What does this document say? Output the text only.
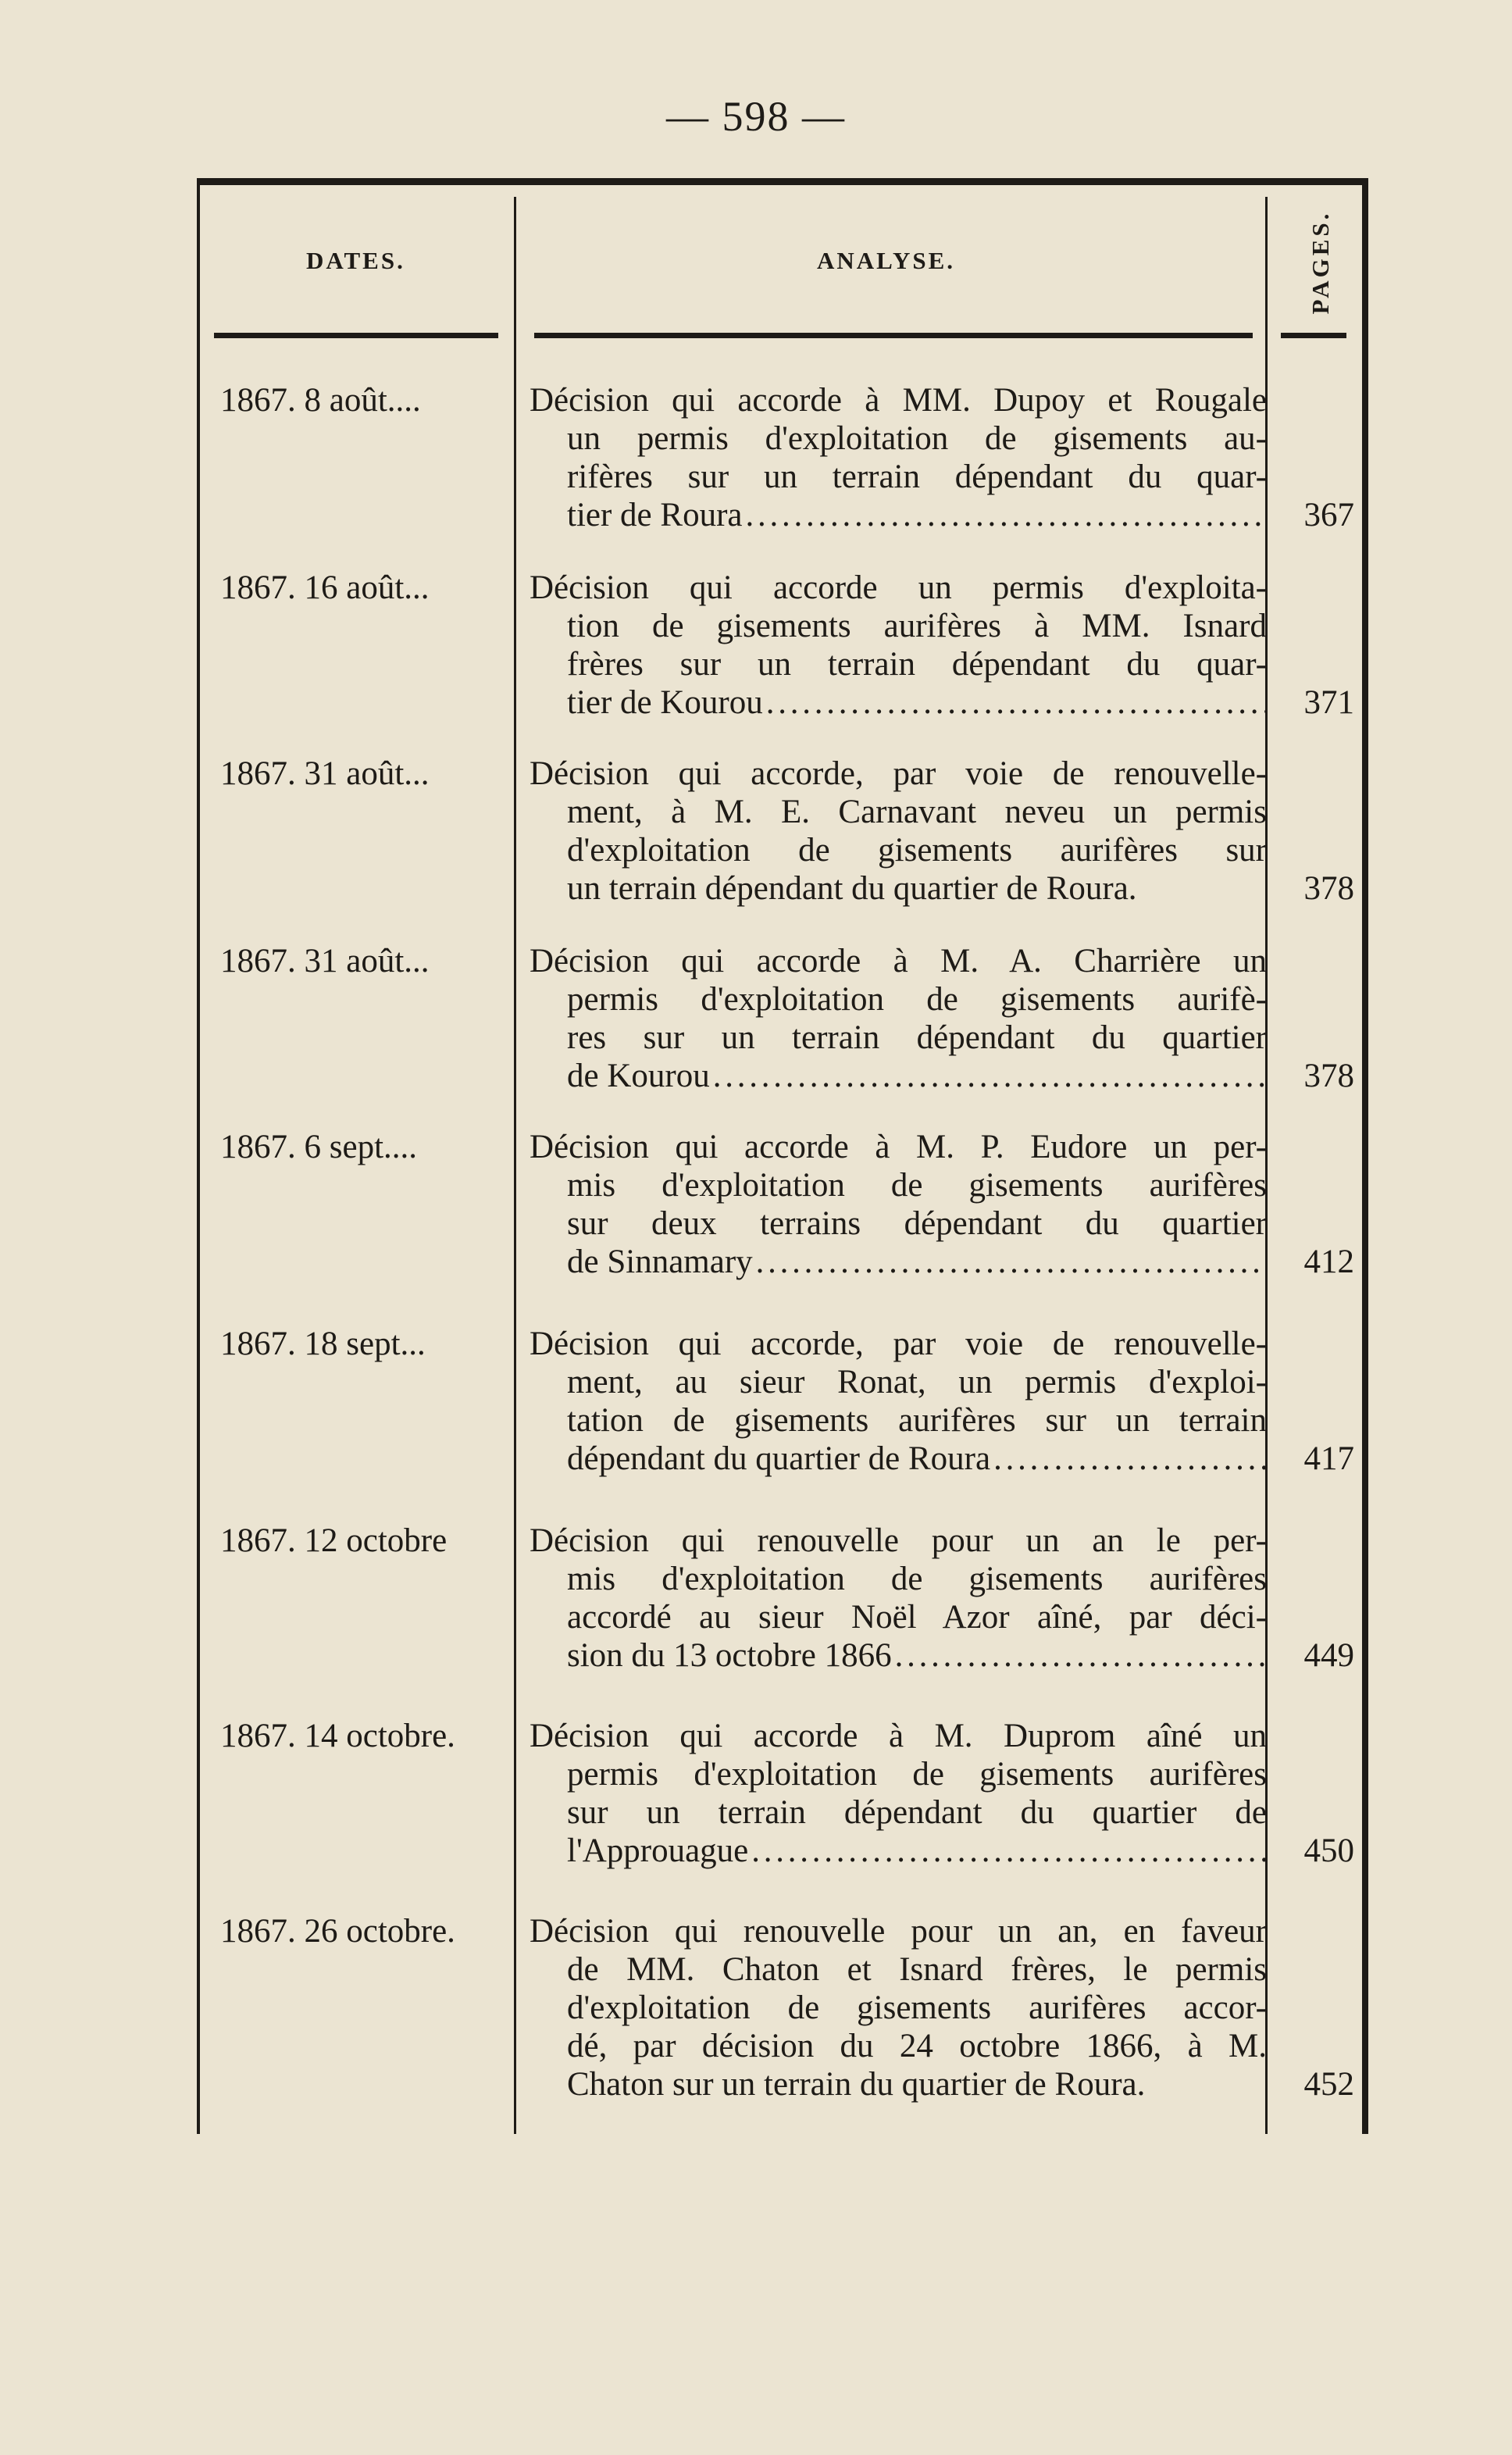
— 598 —
DATES.	ANALYSE.	PAGES.
1867. 8 août....	Décision qui accorde à MM. Dupoy et Rougale
un permis d'exploitation de gisements au-
rifères sur un terrain dépendant du quar-
tier de Roura . . .	367
1867. 16 août...	Décision qui accorde un permis d'exploita-
tion de gisements aurifères à MM. Isnard
frères sur un terrain dépendant du quar-
tier de Kourou . . .	371
1867. 31 août...	Décision qui accorde, par voie de renouvelle-
ment, à M. E. Carnavant neveu un permis
d'exploitation de gisements aurifères sur
un terrain dépendant du quartier de Roura.	378
1867. 31 août...	Décision qui accorde à M. A. Charrière un
permis d'exploitation de gisements aurifè-
res sur un terrain dépendant du quartier
de Kourou . . .	378
1867. 6 sept....	Décision qui accorde à M. P. Eudore un per-
mis d'exploitation de gisements aurifères
sur deux terrains dépendant du quartier
de Sinnamary . . .	412
1867. 18 sept...	Décision qui accorde, par voie de renouvelle-
ment, au sieur Ronat, un permis d'exploi-
tation de gisements aurifères sur un terrain
dépendant du quartier de Roura . . .	417
1867. 12 octobre	Décision qui renouvelle pour un an le per-
mis d'exploitation de gisements aurifères
accordé au sieur Noël Azor aîné, par déci-
sion du 13 octobre 1866 . . .	449
1867. 14 octobre.	Décision qui accorde à M. Duprom aîné un
permis d'exploitation de gisements aurifères
sur un terrain dépendant du quartier de
l'Approuague . . .	450
1867. 26 octobre.	Décision qui renouvelle pour un an, en faveur
de MM. Chaton et Isnard frères, le permis
d'exploitation de gisements aurifères accor-
dé, par décision du 24 octobre 1866, à M.
Chaton sur un terrain du quartier de Roura.	452
